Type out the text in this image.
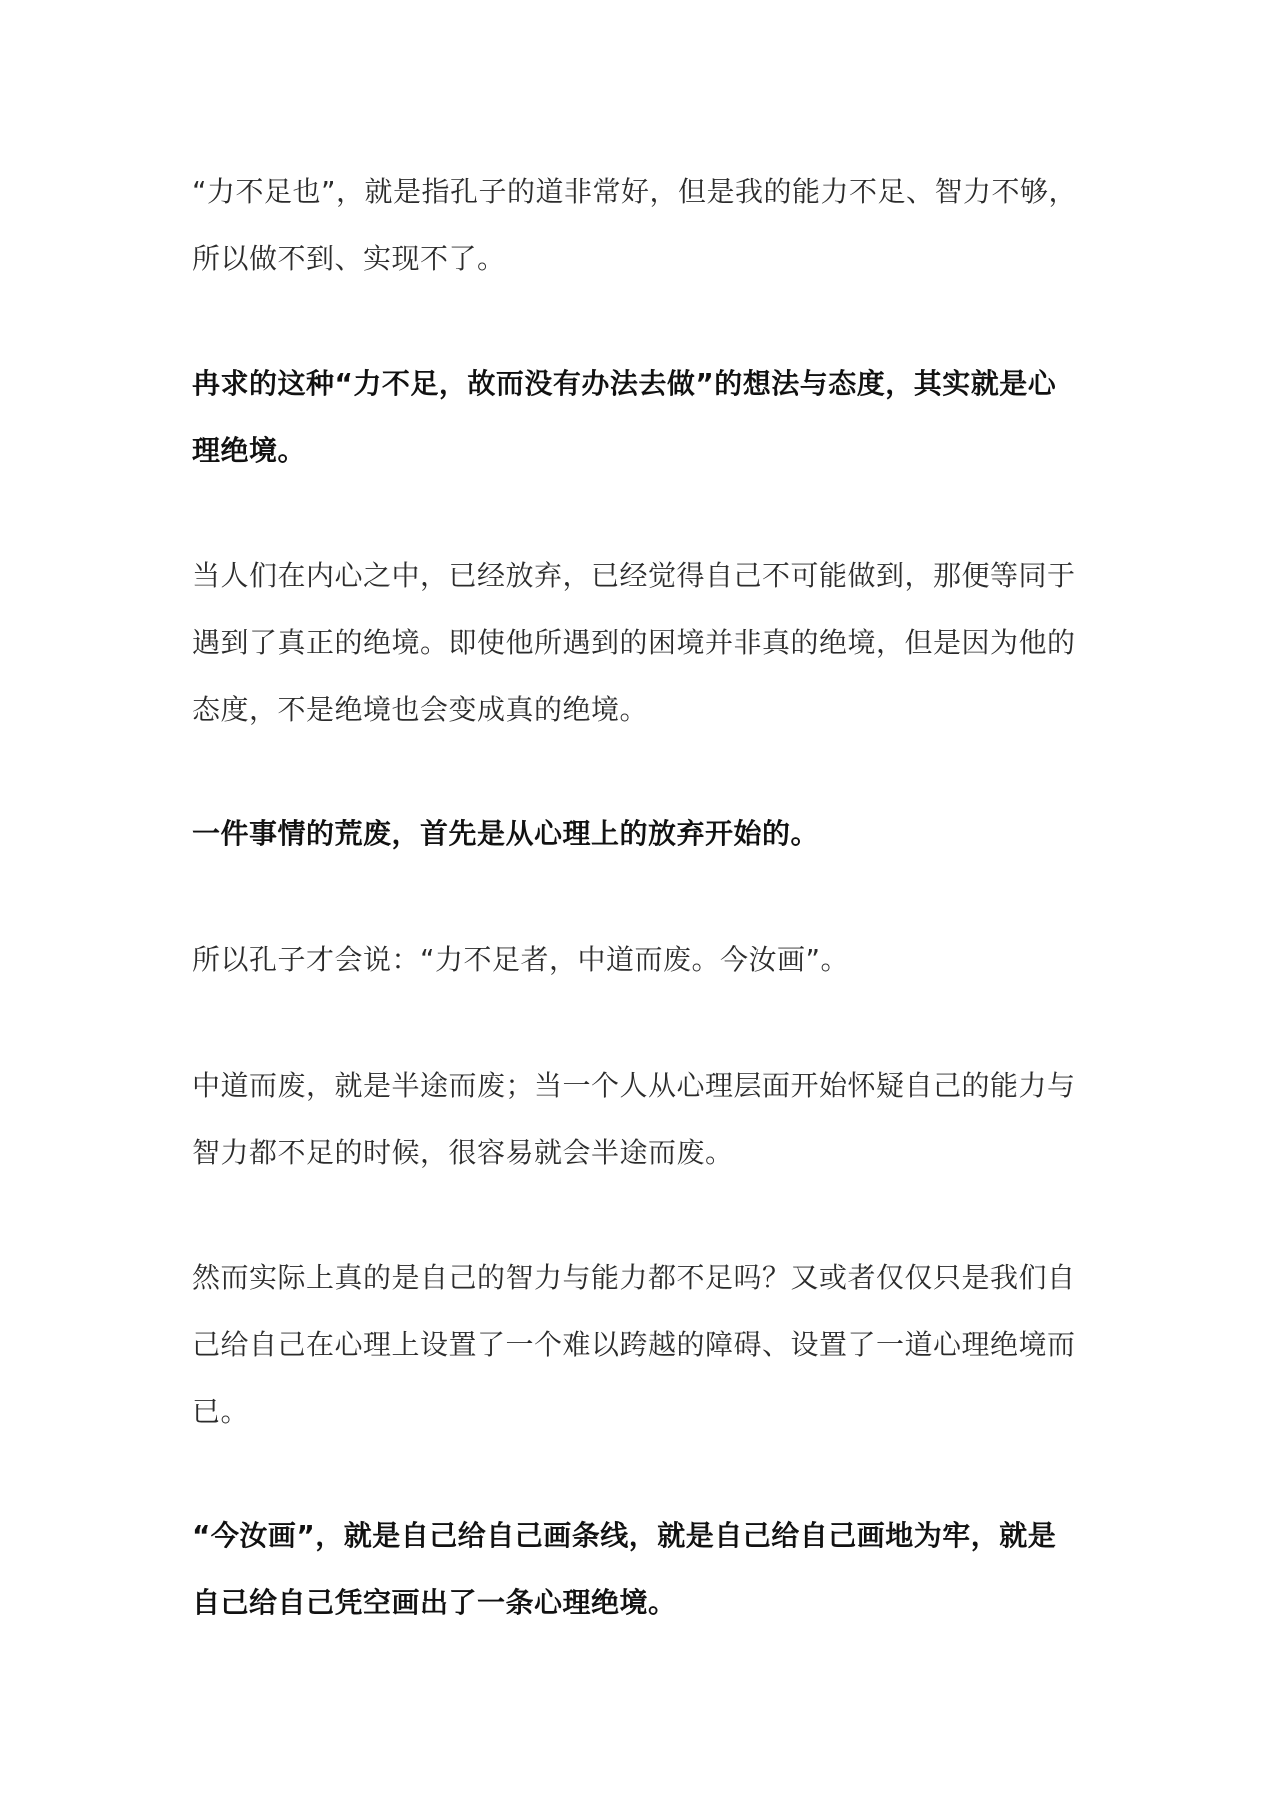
“力不足也”，就是指孔子的道非常好，但是我的能力不足、智力不够，所以做不到、实现不了。

冉求的这种“力不足，故而没有办法去做”的想法与态度，其实就是心理绝境。

当人们在内心之中，已经放弃，已经觉得自己不可能做到，那便等同于遇到了真正的绝境。即使他所遇到的困境并非真的绝境，但是因为他的态度，不是绝境也会变成真的绝境。

一件事情的荒废，首先是从心理上的放弃开始的。

所以孔子才会说：“力不足者，中道而废。今汝画”。

中道而废，就是半途而废；当一个人从心理层面开始怀疑自己的能力与智力都不足的时候，很容易就会半途而废。

然而实际上真的是自己的智力与能力都不足吗？又或者仅仅只是我们自己给自己在心理上设置了一个难以跨越的障碍、设置了一道心理绝境而已。

“今汝画”，就是自己给自己画条线，就是自己给自己画地为牢，就是自己给自己凭空画出了一条心理绝境。
